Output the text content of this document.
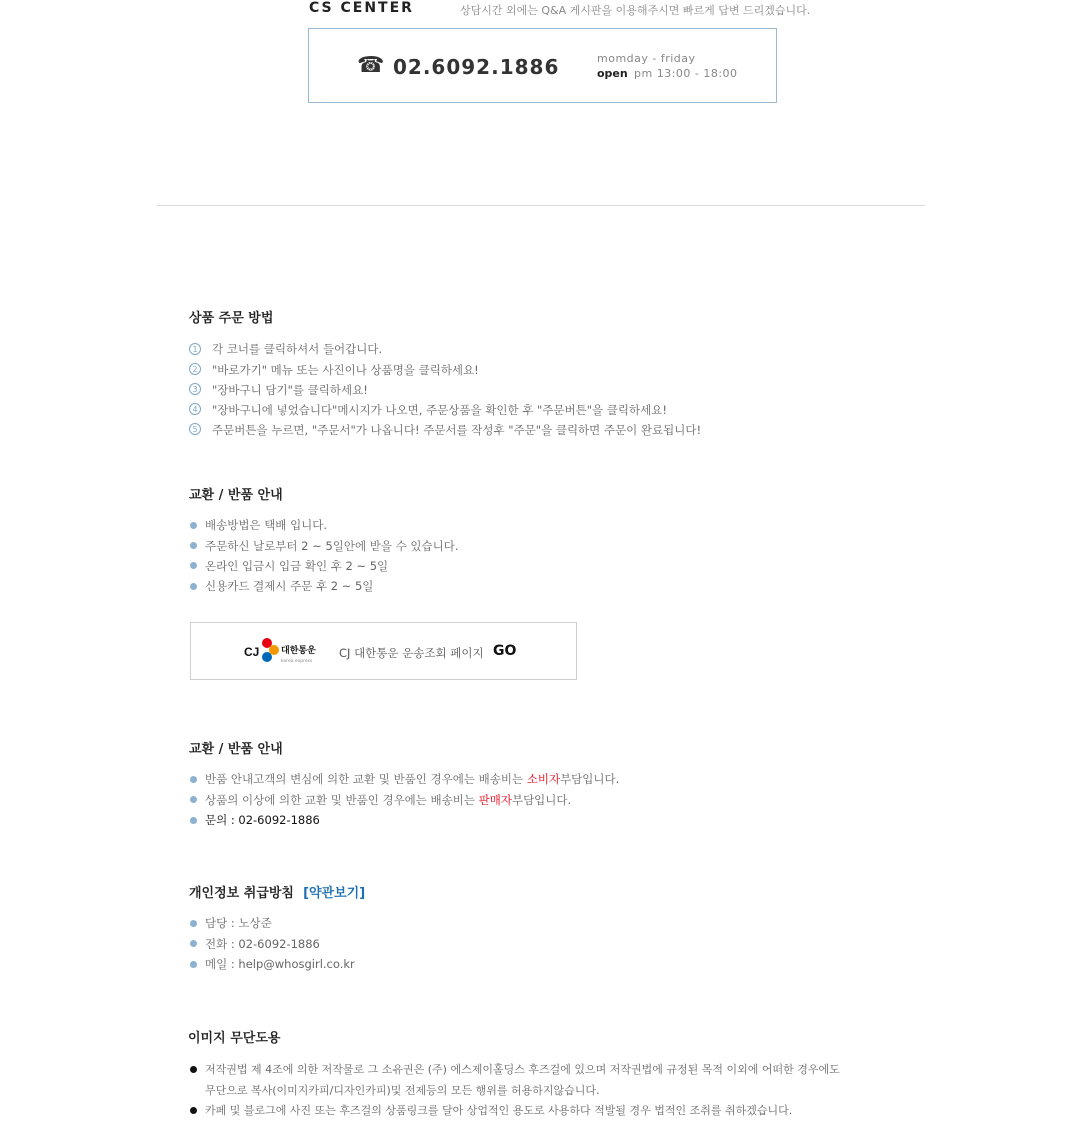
CS CENTER	상담시간 외에는 Q&A 게시판을 이용해주시면 빠르게 답변 드리겠습니다.
☎ 02.6092.1886	momday - friday
open pm 13:00 - 18:00
상품 주문 방법
1	각 코너를 클릭하셔서 들어갑니다.
2	"바로가기" 메뉴 또는 사진이나 상품명을 클릭하세요!
3	"장바구니 담기"를 클릭하세요!
4	"장바구니에 넣었습니다"메시지가 나오면, 주문상품을 확인한 후 "주문버튼"을 클릭하세요!
5	주문버튼을 누르면, "주문서"가 나옵니다! 주문서를 작성후 "주문"을 클릭하면 주문이 완료됩니다!
교환 / 반품 안내
배송방법은 택배 입니다.
주문하신 날로부터 2 ~ 5일안에 받을 수 있습니다.
온라인 입금시 입금 확인 후 2 ~ 5일
신용카드 결제시 주문 후 2 ~ 5일
CJ 대한통운
korea express
CJ 대한통운 운송조회 페이지 GO
교환 / 반품 안내
반품 안내고객의 변심에 의한 교환 및 반품인 경우에는 배송비는 소비자부담입니다.
상품의 이상에 의한 교환 및 반품인 경우에는 배송비는 판매자부담입니다.
문의 : 02-6092-1886
개인정보 취급방침 [약관보기]
담당 : 노상준
전화 : 02-6092-1886
메일 : help@whosgirl.co.kr
이미지 무단도용
저작권법 제 4조에 의한 저작물로 그 소유권은 (주) 에스제이홀딩스 후즈걸에 있으며 저작권법에 규정된 목적 이외에 어떠한 경우에도
무단으로 복사(이미지카피/디자인카피)및 전제등의 모든 행위를 허용하지않습니다.
카페 및 블로그에 사진 또는 후즈걸의 상품링크를 달아 상업적인 용도로 사용하다 적발될 경우 법적인 조취를 취하겠습니다.
